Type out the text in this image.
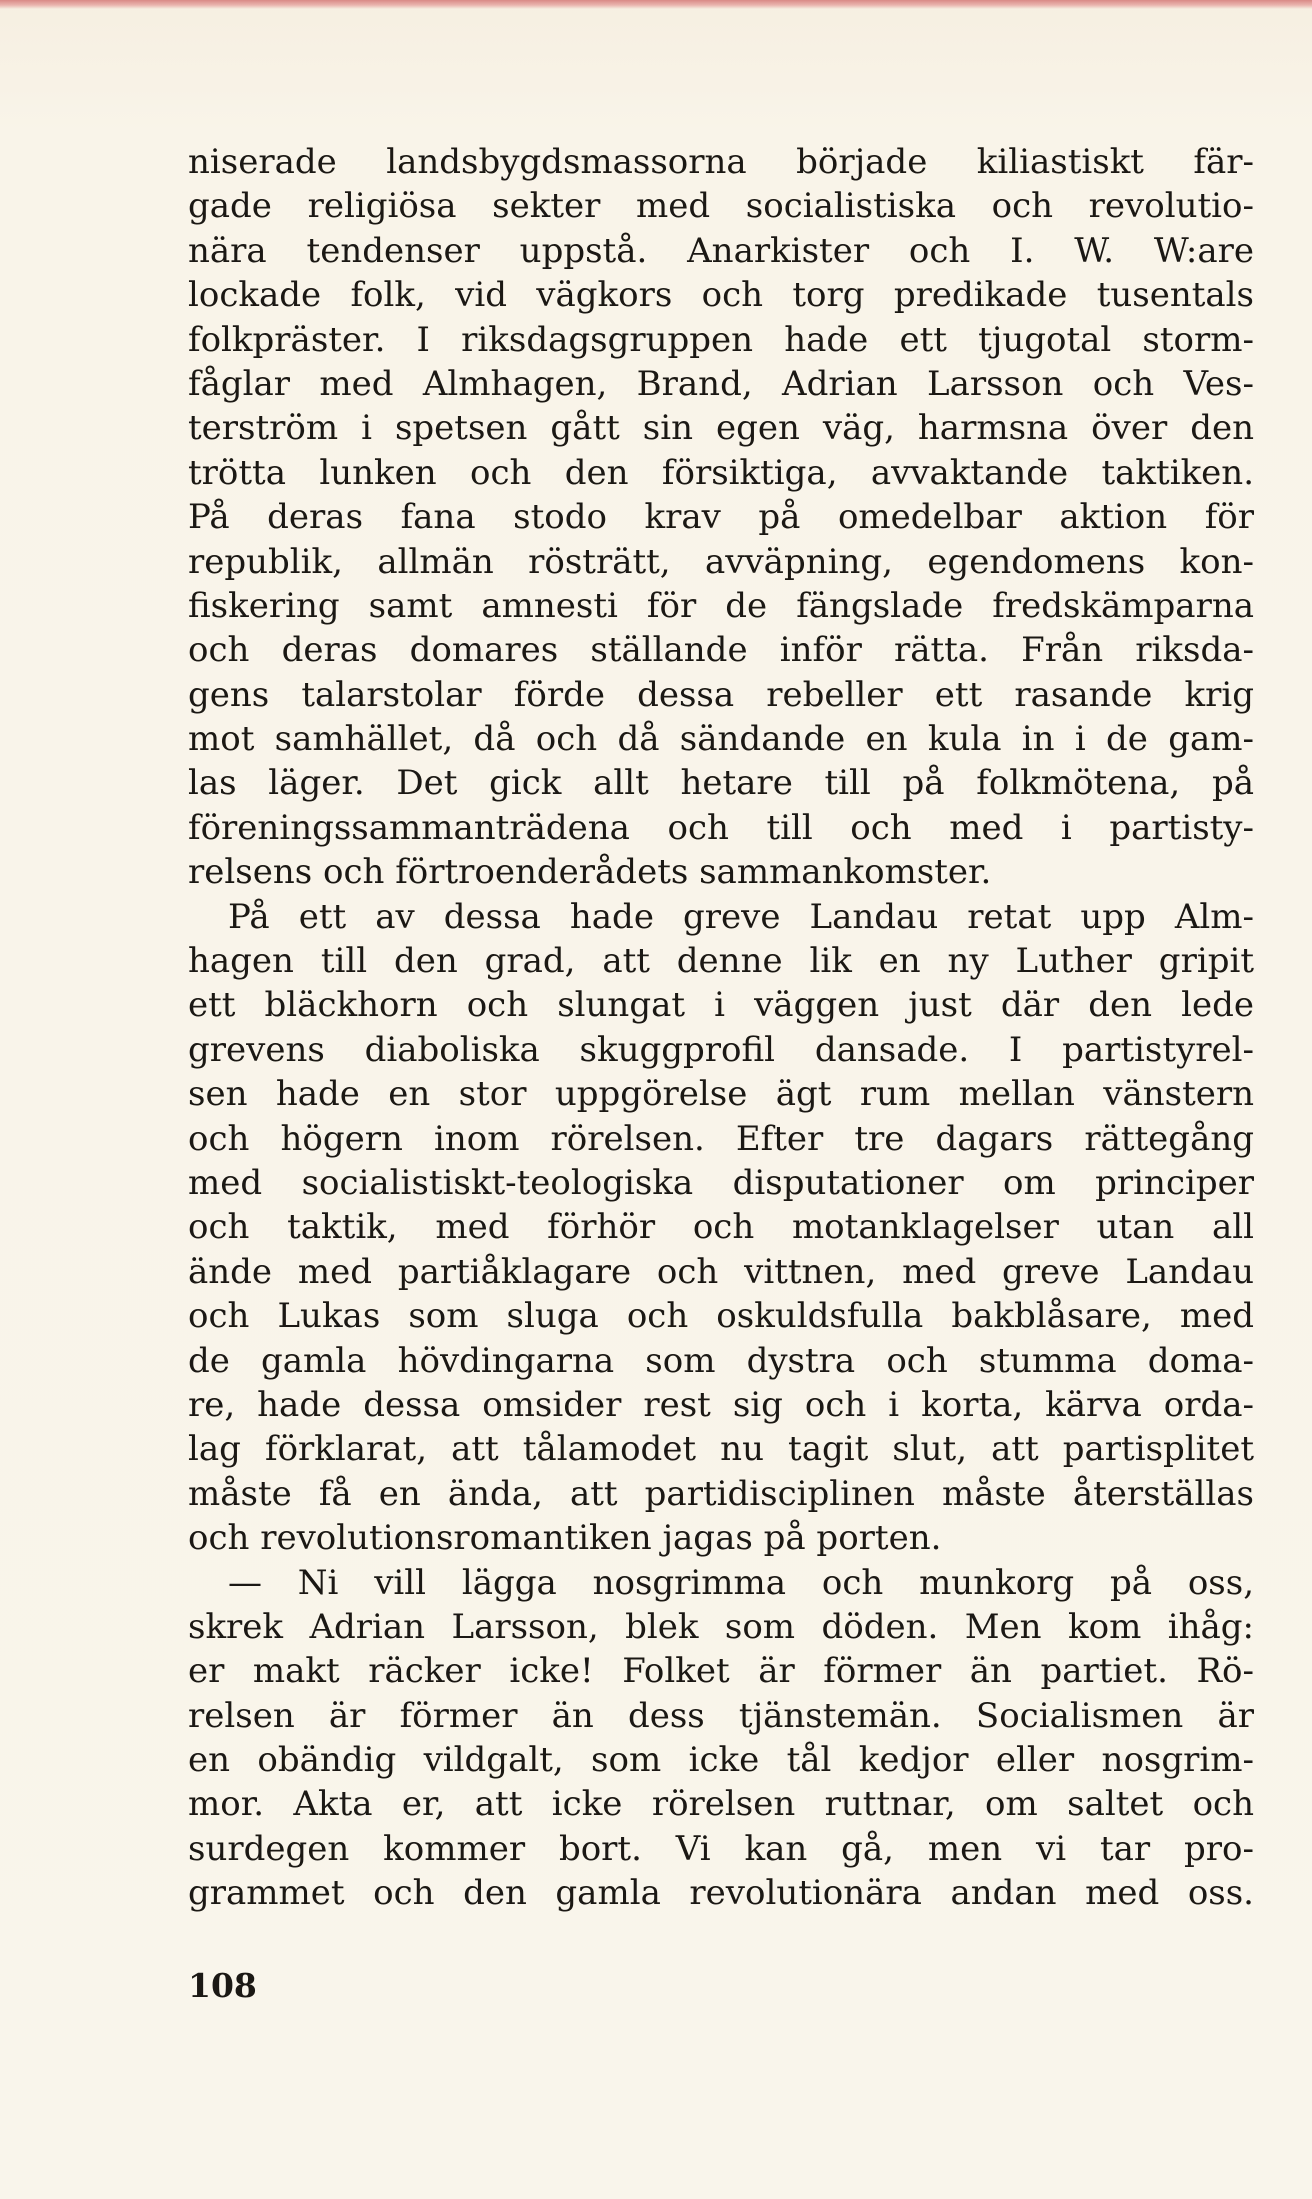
niserade landsbygdsmassorna började kiliastiskt fär-
gade religiösa sekter med socialistiska och revolutio-
nära tendenser uppstå. Anarkister och I. W. W:are
lockade folk, vid vägkors och torg predikade tusentals
folkpräster. I riksdagsgruppen hade ett tjugotal storm-
fåglar med Almhagen, Brand, Adrian Larsson och Ves-
terström i spetsen gått sin egen väg, harmsna över den
trötta lunken och den försiktiga, avvaktande taktiken.
På deras fana stodo krav på omedelbar aktion för
republik, allmän rösträtt, avväpning, egendomens kon-
fiskering samt amnesti för de fängslade fredskämparna
och deras domares ställande inför rätta. Från riksda-
gens talarstolar förde dessa rebeller ett rasande krig
mot samhället, då och då sändande en kula in i de gam-
las läger. Det gick allt hetare till på folkmötena, på
föreningssammanträdena och till och med i partisty-
relsens och förtroenderådets sammankomster.
På ett av dessa hade greve Landau retat upp Alm-
hagen till den grad, att denne lik en ny Luther gripit
ett bläckhorn och slungat i väggen just där den lede
grevens diaboliska skuggprofil dansade. I partistyrel-
sen hade en stor uppgörelse ägt rum mellan vänstern
och högern inom rörelsen. Efter tre dagars rättegång
med socialistiskt-teologiska disputationer om principer
och taktik, med förhör och motanklagelser utan all
ände med partiåklagare och vittnen, med greve Landau
och Lukas som sluga och oskuldsfulla bakblåsare, med
de gamla hövdingarna som dystra och stumma doma-
re, hade dessa omsider rest sig och i korta, kärva orda-
lag förklarat, att tålamodet nu tagit slut, att partisplitet
måste få en ända, att partidisciplinen måste återställas
och revolutionsromantiken jagas på porten.
— Ni vill lägga nosgrimma och munkorg på oss,
skrek Adrian Larsson, blek som döden. Men kom ihåg:
er makt räcker icke! Folket är förmer än partiet. Rö-
relsen är förmer än dess tjänstemän. Socialismen är
en obändig vildgalt, som icke tål kedjor eller nosgrim-
mor. Akta er, att icke rörelsen ruttnar, om saltet och
surdegen kommer bort. Vi kan gå, men vi tar pro-
grammet och den gamla revolutionära andan med oss.
108
